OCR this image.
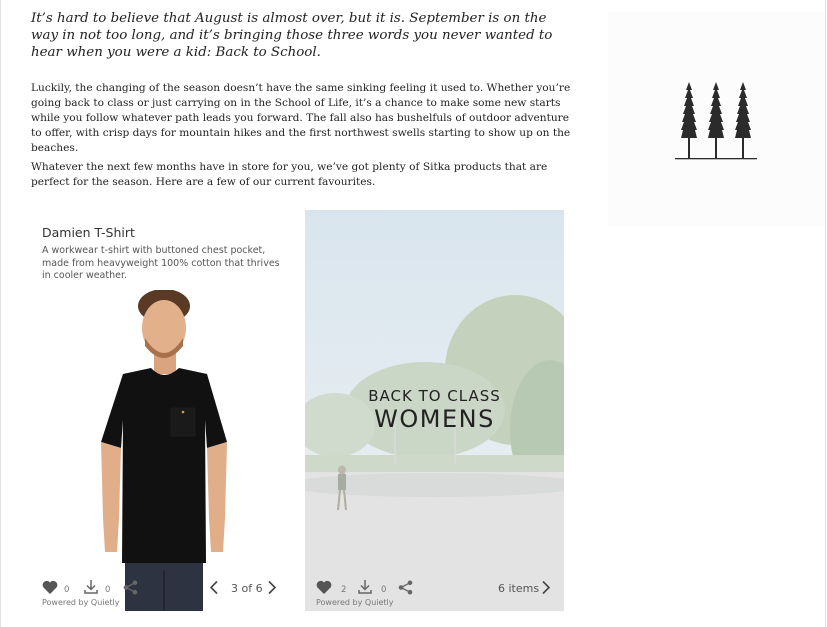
It’s hard to believe that August is almost over, but it is. September is on the way in not too long, and it’s bringing those three words you never wanted to hear when you were a kid: Back to School.

Luckily, the changing of the season doesn’t have the same sinking feeling it used to. Whether you’re going back to class or just carrying on in the School of Life, it’s a chance to make some new starts while you follow whatever path leads you forward. The fall also has bushelfuls of outdoor adventure to offer, with crisp days for mountain hikes and the first northwest swells starting to show up on the beaches.

Whatever the next few months have in store for you, we’ve got plenty of Sitka products that are perfect for the season. Here are a few of our current favourites.

Damien T-Shirt

A workwear t-shirt with buttoned chest pocket, made from heavyweight 100% cotton that thrives in cooler weather.

0	0	3 of 6
Powered by Quietly

BACK TO CLASS

WOMENS

2	0	6 items
Powered by Quietly
